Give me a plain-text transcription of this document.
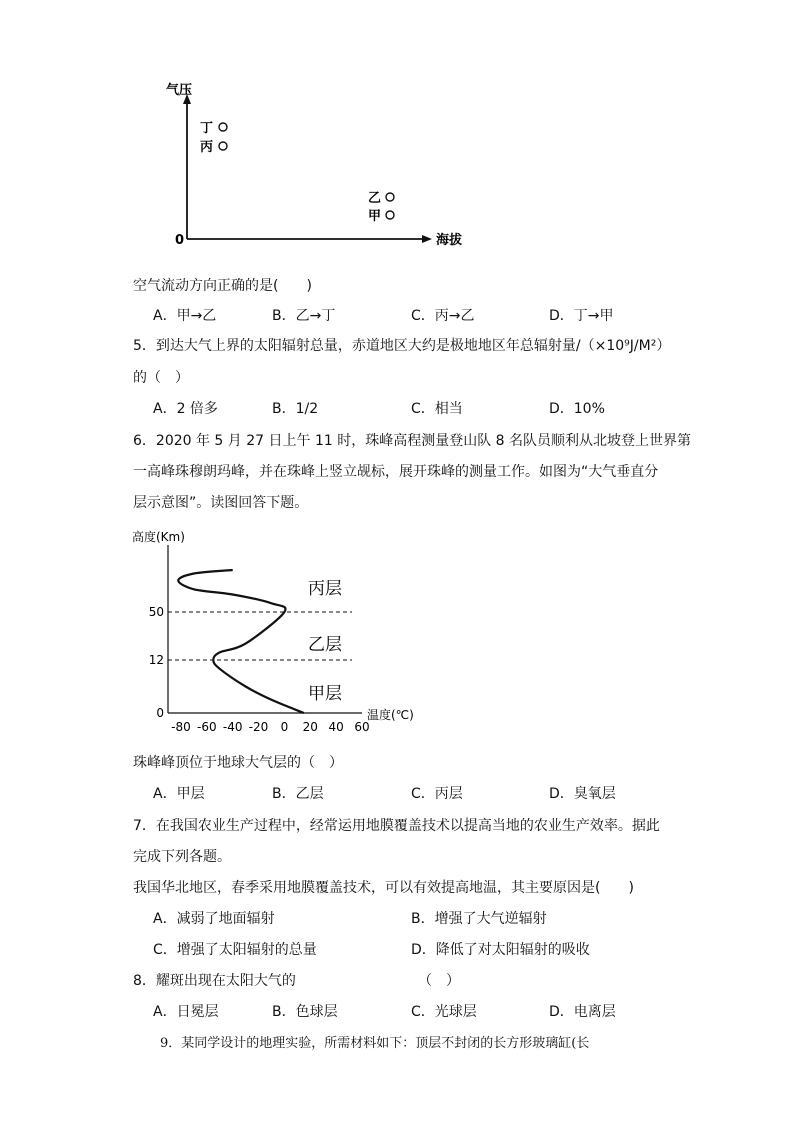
气压
海拔
0
丁
丙
乙
甲
空气流动方向正确的是(　　)
A．甲→乙	B．乙→丁	C．丙→乙	D．丁→甲
5．到达大气上界的太阳辐射总量，赤道地区大约是极地地区年总辐射量/（×10⁹J/M²）
的（　）
A．2 倍多	B．1/2	C．相当	D．10%
6．2020 年 5 月 27 日上午 11 时，珠峰高程测量登山队 8 名队员顺利从北坡登上世界第
一高峰珠穆朗玛峰，并在珠峰上竖立觇标，展开珠峰的测量工作。如图为“大气垂直分
层示意图”。读图回答下题。
高度(Km)
温度(℃)
-80 -60 -40 -20 0 20 40 60
0
12
50
丙层
乙层
甲层
珠峰峰顶位于地球大气层的（　）
A．甲层	B．乙层	C．丙层	D．臭氧层
7．在我国农业生产过程中，经常运用地膜覆盖技术以提高当地的农业生产效率。据此
完成下列各题。
我国华北地区，春季采用地膜覆盖技术，可以有效提高地温，其主要原因是(　　)
A．减弱了地面辐射	B．增强了大气逆辐射
C．增强了太阳辐射的总量	D．降低了对太阳辐射的吸收
8．耀斑出现在太阳大气的	（　）
A．日冕层	B．色球层	C．光球层	D．电离层
9．某同学设计的地理实验，所需材料如下：顶层不封闭的长方形玻璃缸(长
